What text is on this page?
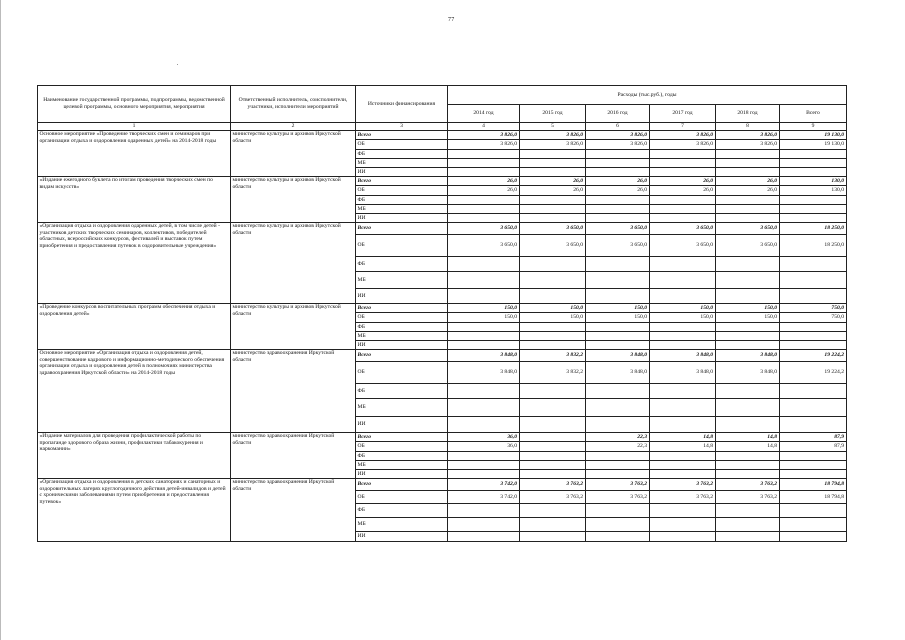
77
Наименование государственной программы, подпрограммы, ведомственной целевой программы, основного мероприятия, мероприятия	Ответственный исполнитель, соисполнители, участники, исполнители мероприятий	Источники финансирования	Расходы (тыс.руб.), годы					
			2014 год	2015 год	2016 год	2017 год	2018 год	Всего
1	2	3	4	5	6	7	8	9
Основное мероприятие «Проведение творческих смен и семинаров при организации отдыха и оздоровления одаренных детей» на 2014-2018 годы	министерство культуры и архивов Иркутской области	Всего	3 826,0	3 826,0	3 826,0	3 826,0	3 826,0	19 130,0
		ОБ	3 826,0	3 826,0	3 826,0	3 826,0	3 826,0	19 130,0
		ФБ						
		МБ						
		ИИ						
«Издание ежегодного буклета по итогам проведения творческих смен по видам искусств»	министерство культуры и архивов Иркутской области	Всего	26,0	26,0	26,0	26,0	26,0	130,0
		ОБ	26,0	26,0	26,0	26,0	26,0	130,0
		ФБ						
		МБ						
		ИИ						
«Организация отдыха и оздоровления одаренных детей, в том числе детей - участников детских творческих семинаров, коллективов, победителей областных, всероссийских конкурсов, фестивалей и выставок путем приобретения и предоставления путевок в оздоровительные учреждения»	министерство культуры и архивов Иркутской области	Всего	3 650,0	3 650,0	3 650,0	3 650,0	3 650,0	18 250,0
		ОБ	3 650,0	3 650,0	3 650,0	3 650,0	3 650,0	18 250,0
		ФБ						
		МБ						
		ИИ						
«Проведение конкурсов воспитательных программ обеспечения отдыха и оздоровления детей»	министерство культуры и архивов Иркутской области	Всего	150,0	150,0	150,0	150,0	150,0	750,0
		ОБ	150,0	150,0	150,0	150,0	150,0	750,0
		ФБ						
		МБ						
		ИИ						
Основное мероприятие «Организация отдыха и оздоровления детей, совершенствование кадрового и информационно-методического обеспечения организации отдыха и оздоровления детей в полномочиях министерства здравоохранения Иркутской области» на 2014-2018 годы	министерство здравоохранения Иркутской области	Всего	3 848,0	3 832,2	3 848,0	3 848,0	3 848,0	19 224,2
		ОБ	3 848,0	3 832,2	3 848,0	3 848,0	3 848,0	19 224,2
		ФБ						
		МБ						
		ИИ						
«Издание материалов для проведения профилактической работы по пропаганде здорового образа жизни, профилактики табакокурения и наркомании»	министерство здравоохранения Иркутской области	Всего	36,0		22,3	14,8	14,8	87,9
		ОБ	36,0		22,3	14,8	14,8	87,9
		ФБ						
		МБ						
		ИИ						
«Организация отдыха и оздоровления в детских санаториях и санаторных и оздоровительных лагерях круглогодичного действия детей-инвалидов и детей с хроническими заболеваниями путем приобретения и предоставления путевок»	министерство здравоохранения Иркутской области	Всего	3 742,0	3 763,2	3 763,2	3 763,2	3 763,2	18 794,8
		ОБ	3 742,0	3 763,2	3 763,2	3 763,2	3 763,2	18 794,8
		ФБ						
		МБ						
		ИИ						
